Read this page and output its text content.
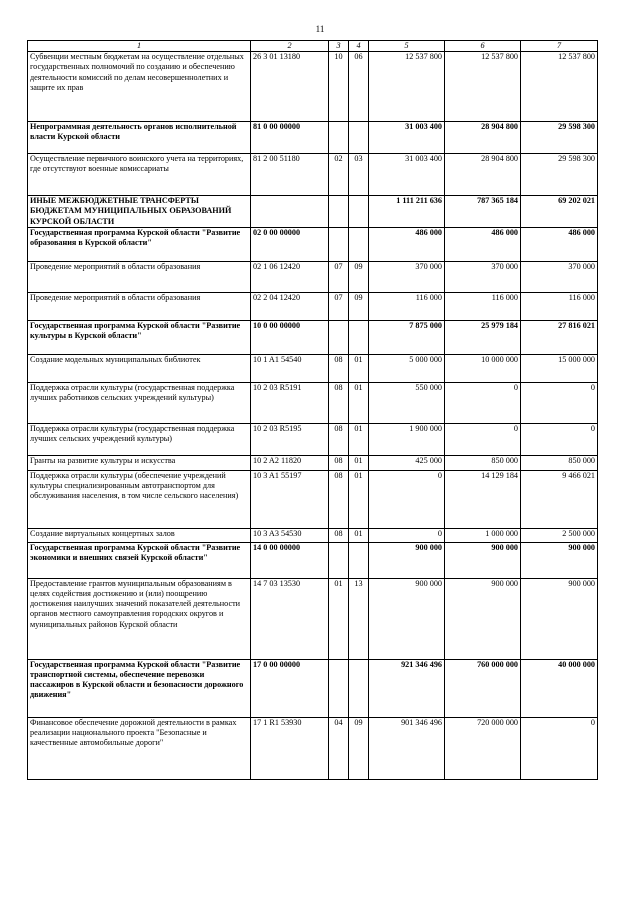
11
1	2	3	4	5	6	7
Субвенции местным бюджетам на осуществление отдельных государственных полномочий по созданию и обеспечению деятельности комиссий по делам несовершеннолетних и защите их прав	26 3 01 13180	10	06	12 537 800	12 537 800	12 537 800
Непрограммная деятельность органов исполнительной власти Курской области	81 0 00 00000			31 003 400	28 904 800	29 598 300
Осуществление первичного воинского учета на территориях, где отсутствуют военные комиссариаты	81 2 00 51180	02	03	31 003 400	28 904 800	29 598 300
ИНЫЕ МЕЖБЮДЖЕТНЫЕ ТРАНСФЕРТЫ БЮДЖЕТАМ МУНИЦИПАЛЬНЫХ ОБРАЗОВАНИЙ КУРСКОЙ ОБЛАСТИ				1 111 211 636	787 365 184	69 202 021
Государственная программа Курской области "Развитие образования в Курской области"	02 0 00 00000			486 000	486 000	486 000
Проведение мероприятий в области образования	02 1 06 12420	07	09	370 000	370 000	370 000
Проведение мероприятий в области образования	02 2 04 12420	07	09	116 000	116 000	116 000
Государственная программа Курской области "Развитие культуры в Курской области"	10 0 00 00000			7 875 000	25 979 184	27 816 021
Создание модельных муниципальных библиотек	10 1 A1 54540	08	01	5 000 000	10 000 000	15 000 000
Поддержка отрасли культуры (государственная поддержка лучших работников сельских учреждений культуры)	10 2 03 R5191	08	01	550 000	0	0
Поддержка отрасли культуры (государственная поддержка лучших сельских учреждений культуры)	10 2 03 R5195	08	01	1 900 000	0	0
Гранты на развитие культуры и искусства	10 2 A2 11820	08	01	425 000	850 000	850 000
Поддержка отрасли культуры (обеспечение учреждений культуры специализированным автотранспортом для обслуживания населения, в том числе сельского населения)	10 3 A1 55197	08	01	0	14 129 184	9 466 021
Создание виртуальных концертных залов	10 3 A3 54530	08	01	0	1 000 000	2 500 000
Государственная программа Курской области "Развитие экономики и внешних связей Курской области"	14 0 00 00000			900 000	900 000	900 000
Предоставление грантов муниципальным образованиям в целях содействия достижению и (или) поощрению достижения наилучших значений показателей деятельности органов местного самоуправления городских округов и муниципальных районов Курской области	14 7 03 13530	01	13	900 000	900 000	900 000
Государственная программа Курской области "Развитие транспортной системы, обеспечение перевозки пассажиров в Курской области и безопасности дорожного движения"	17 0 00 00000			921 346 496	760 000 000	40 000 000
Финансовое обеспечение дорожной деятельности в рамках реализации национального проекта "Безопасные и качественные автомобильные дороги"	17 1 R1 53930	04	09	901 346 496	720 000 000	0
